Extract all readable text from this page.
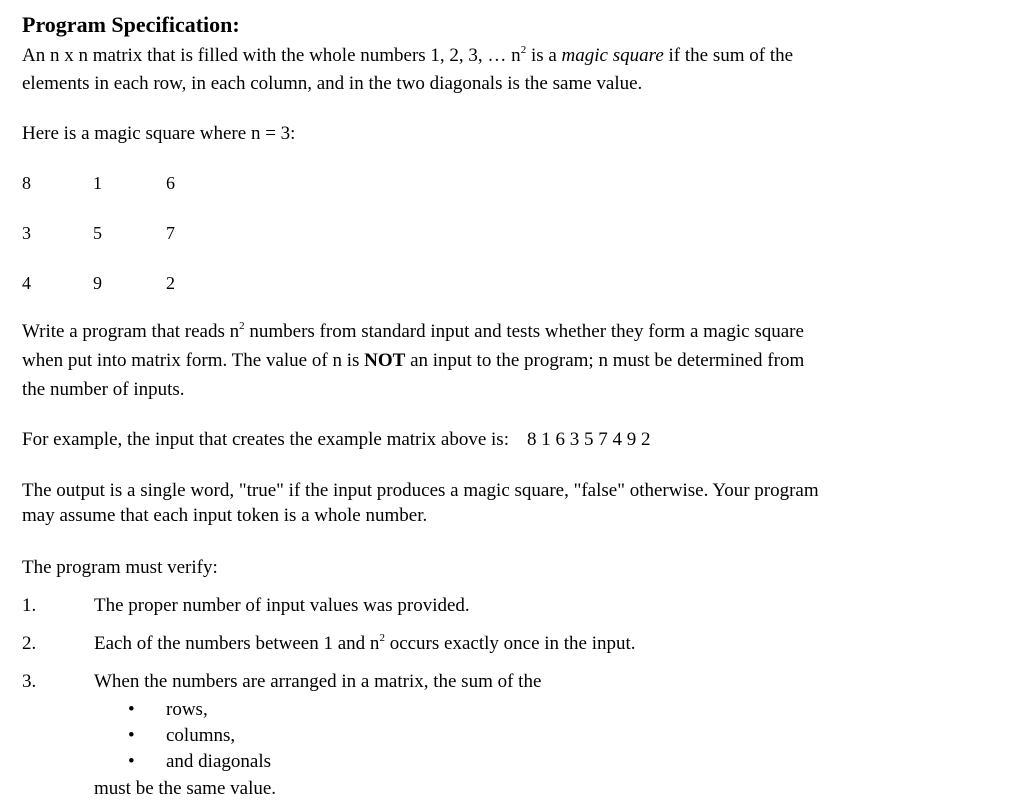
Program Specification:
An n x n matrix that is filled with the whole numbers 1, 2, 3, … $n^2$ is a magic square if the sum of the
elements in each row, in each column, and in the two diagonals is the same value.
Here is a magic square where n = 3:
8	1	6
3	5	7
4	9	2
Write a program that reads $n^2$ numbers from standard input and tests whether they form a magic square
when put into matrix form. The value of n is NOT an input to the program; n must be determined from
the number of inputs.
For example, the input that creates the example matrix above is: 8 1 6 3 5 7 4 9 2
The output is a single word, "true" if the input produces a magic square, "false" otherwise. Your program
may assume that each input token is a whole number.
The program must verify:
1.	The proper number of input values was provided.
2.	Each of the numbers between 1 and $n^2$ occurs exactly once in the input.
3.	When the numbers are arranged in a matrix, the sum of the
• rows,
• columns,
• and diagonals
must be the same value.
